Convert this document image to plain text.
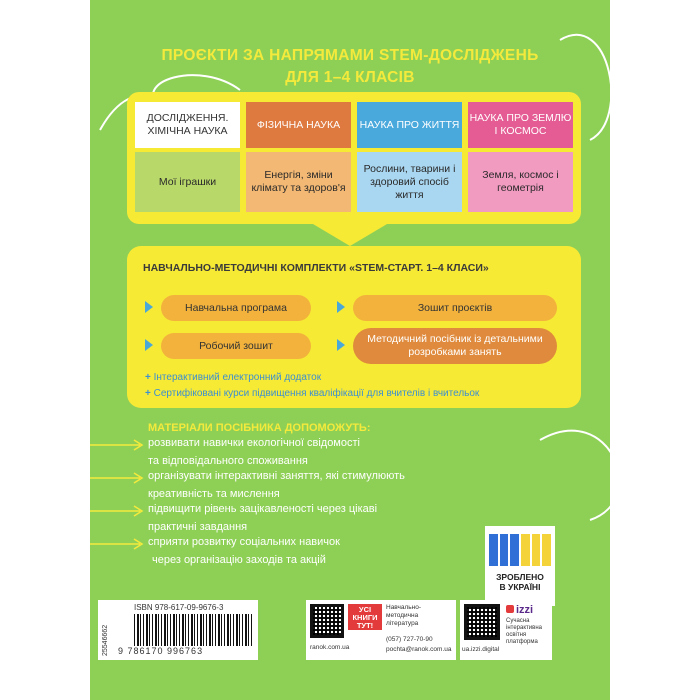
ПРОЄКТИ ЗА НАПРЯМАМИ STEM-ДОСЛІДЖЕНЬ
ДЛЯ 1–4 КЛАСІВ
ДОСЛІДЖЕННЯ. ХІМІЧНА НАУКА
Мої іграшки
ФІЗИЧНА НАУКА
Енергія, зміни клімату та здоров'я
НАУКА ПРО ЖИТТЯ
Рослини, тварини і здоровий спосіб життя
НАУКА ПРО ЗЕМЛЮ І КОСМОС
Земля, космос і геометрія
НАВЧАЛЬНО-МЕТОДИЧНІ КОМПЛЕКТИ «STEM-СТАРТ. 1–4 КЛАСИ»
Навчальна програма	Зошит проєктів
Робочий зошит
Методичний посібник із детальними розробками занять
+ Інтерактивний електронний додаток
+ Сертифіковані курси підвищення кваліфікації для вчителів і вчительок
МАТЕРІАЛИ ПОСІБНИКА ДОПОМОЖУТЬ:
розвивати навички екологічної свідомості
та відповідального споживання
організувати інтерактивні заняття, які стимулюють
креативність та мислення
підвищити рівень зацікавленості через цікаві
практичні завдання
сприяти розвитку соціальних навичок
через організацію заходів та акцій
ЗРОБЛЕНО
В УКРАЇНІ
25546662
ISBN 978-617-09-9676-3
9 786170 996763
УСІ КНИГИ ТУТ!
Навчально-
методична
література
ranok.com.ua
(057) 727-70-90
pochta@ranok.com.ua
izzi
Сучасна
інтерактивна
освітня
платформа
ua.izzi.digital
